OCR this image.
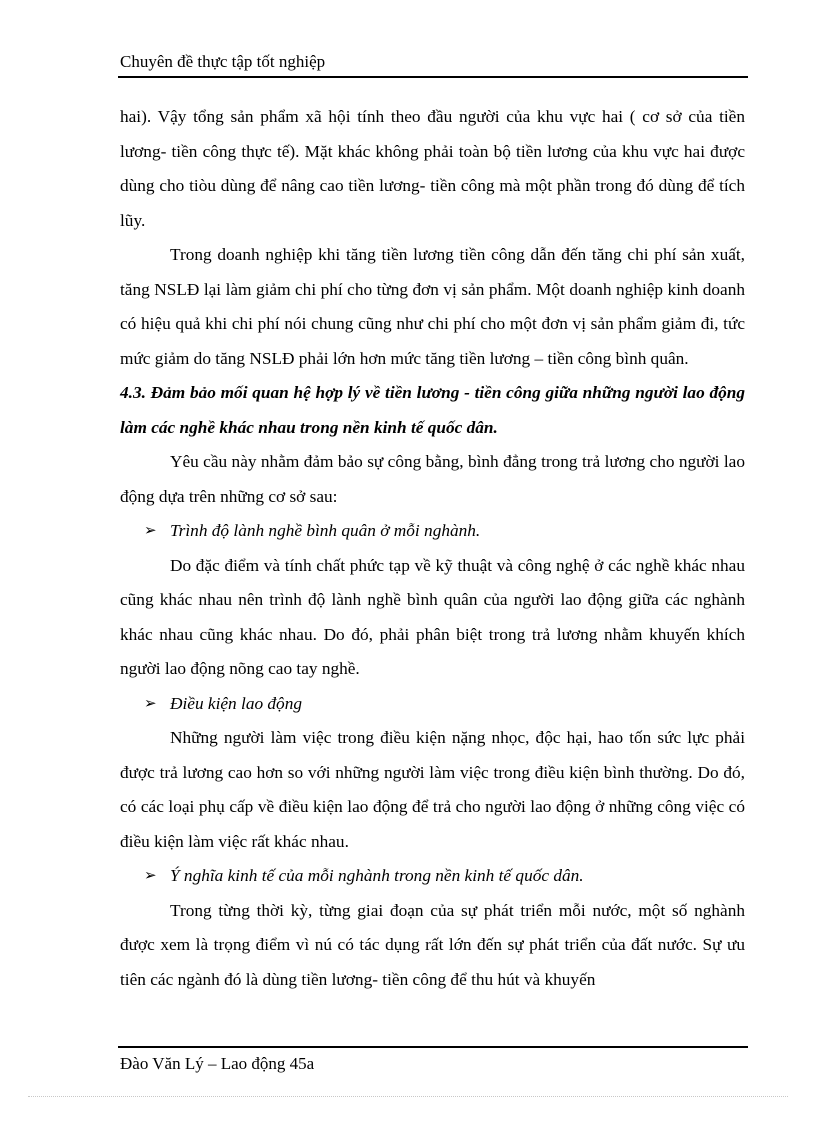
Chuyên đề thực tập tốt nghiệp

hai). Vậy tổng sản phẩm xã hội tính theo đầu người của khu vực hai ( cơ sở của tiền lương- tiền công thực tế). Mặt khác không phải toàn bộ tiền lương của khu vực hai được dùng cho tiòu dùng để nâng cao tiền lương- tiền công mà một phần trong đó dùng để tích lũy.

Trong doanh nghiệp khi tăng tiền lương tiền công dẫn đến tăng chi phí sản xuất, tăng NSLĐ lại làm giảm chi phí cho từng đơn vị sản phẩm. Một doanh nghiệp kinh doanh có hiệu quả khi chi phí nói chung cũng như chi phí cho một đơn vị sản phẩm giảm đi, tức mức giảm do tăng NSLĐ phải lớn hơn mức tăng tiền lương – tiền công bình quân.

4.3. Đảm bảo mối quan hệ hợp lý về tiền lương - tiền công giữa những người lao động làm các nghề khác nhau trong nền kinh tế quốc dân.

Yêu cầu này nhằm đảm bảo sự công bằng, bình đẳng trong trả lương cho người lao động dựa trên những cơ sở sau:

➢ Trình độ lành nghề bình quân ở mỗi nghành.

Do đặc điểm và tính chất phức tạp về kỹ thuật và công nghệ ở các nghề khác nhau cũng khác nhau nên trình độ lành nghề bình quân của người lao động giữa các nghành khác nhau cũng khác nhau. Do đó, phải phân biệt trong trả lương nhằm khuyến khích người lao động nõng cao tay nghề.

➢ Điều kiện lao động

Những người làm việc trong điều kiện nặng nhọc, độc hại, hao tốn sức lực phải được trả lương cao hơn so với những người làm việc trong điều kiện bình thường. Do đó, có các loại phụ cấp về điều kiện lao động để trả cho người lao động ở những công việc có điều kiện làm việc rất khác nhau.

➢ Ý nghĩa kinh tế của mỗi nghành trong nền kinh tế quốc dân.

Trong từng thời kỳ, từng giai đoạn của sự phát triển mỗi nước, một số nghành được xem là trọng điểm vì nú có tác dụng rất lớn đến sự phát triển của đất nước. Sự ưu tiên các ngành đó là dùng tiền lương- tiền công để thu hút và khuyến

Đào Văn Lý – Lao động 45a
